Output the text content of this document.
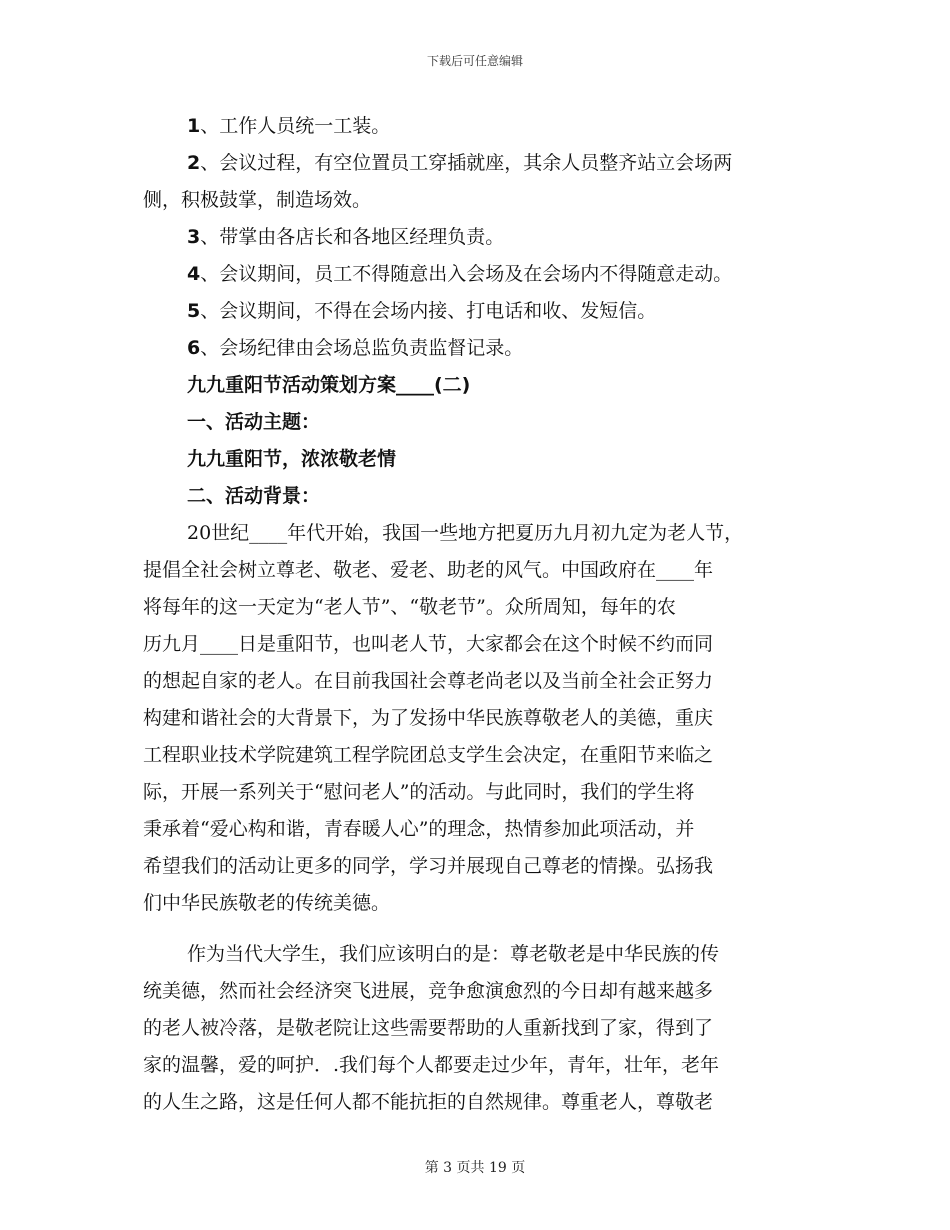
下载后可任意编辑
1、工作人员统一工装。
2、会议过程，有空位置员工穿插就座，其余人员整齐站立会场两
侧，积极鼓掌，制造场效。
3、带掌由各店长和各地区经理负责。
4、会议期间，员工不得随意出入会场及在会场内不得随意走动。
5、会议期间，不得在会场内接、打电话和收、发短信。
6、会场纪律由会场总监负责监督记录。
九九重阳节活动策划方案____(二)
一、活动主题：
九九重阳节，浓浓敬老情
二、活动背景：
20世纪____年代开始，我国一些地方把夏历九月初九定为老人节，
提倡全社会树立尊老、敬老、爱老、助老的风气。中国政府在____年
将每年的这一天定为“老人节”、“敬老节”。众所周知，每年的农
历九月____日是重阳节，也叫老人节，大家都会在这个时候不约而同
的想起自家的老人。在目前我国社会尊老尚老以及当前全社会正努力
构建和谐社会的大背景下，为了发扬中华民族尊敬老人的美德，重庆
工程职业技术学院建筑工程学院团总支学生会决定，在重阳节来临之
际，开展一系列关于“慰问老人”的活动。与此同时，我们的学生将
秉承着“爱心构和谐，青春暖人心”的理念，热情参加此项活动，并
希望我们的活动让更多的同学，学习并展现自己尊老的情操。弘扬我
们中华民族敬老的传统美德。
作为当代大学生，我们应该明白的是：尊老敬老是中华民族的传
统美德，然而社会经济突飞进展，竞争愈演愈烈的今日却有越来越多
的老人被冷落，是敬老院让这些需要帮助的人重新找到了家，得到了
家的温馨，爱的呵护．.我们每个人都要走过少年，青年，壮年，老年
的人生之路，这是任何人都不能抗拒的自然规律。尊重老人，尊敬老
第 3 页共 19 页
